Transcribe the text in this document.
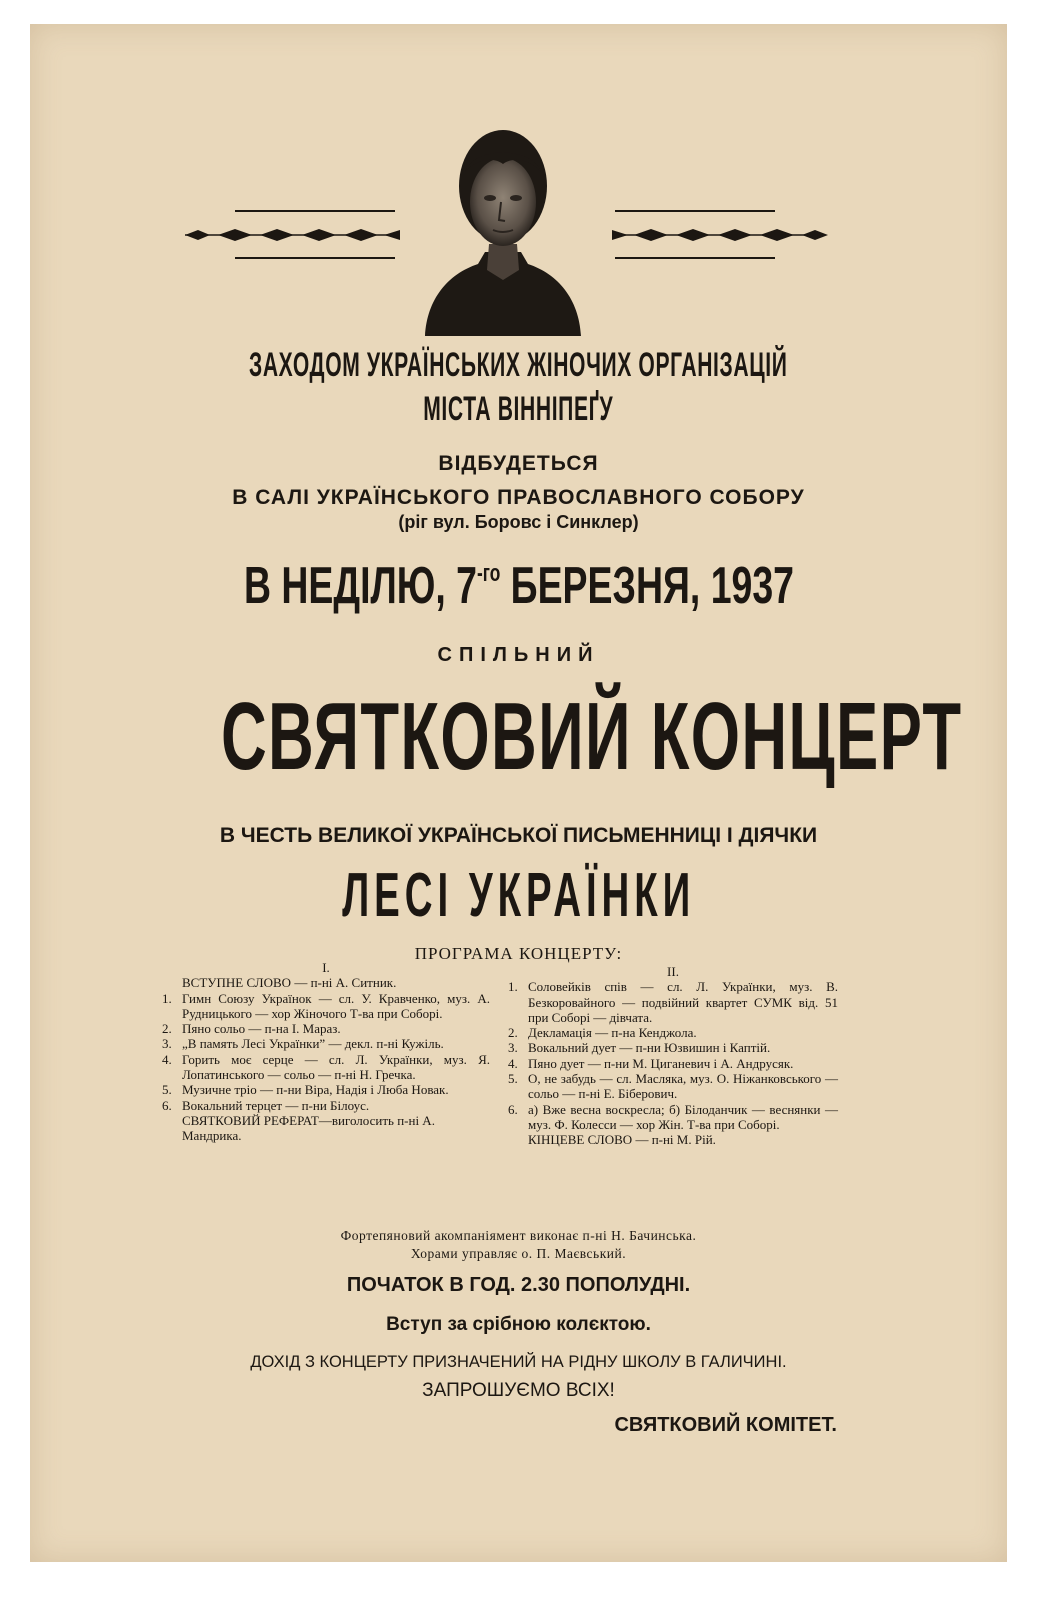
ЗАХОДОМ УКРАЇНСЬКИХ ЖІНОЧИХ ОРГАНІЗАЦІЙ
МІСТА ВІННІПЕҐУ
ВІДБУДЕТЬСЯ
В САЛІ УКРАЇНСЬКОГО ПРАВОСЛАВНОГО СОБОРУ
(ріг вул. Боровс і Синклер)
В НЕДІЛЮ, $7^{-го}$ БЕРЕЗНЯ, 1937
СПІЛЬНИЙ
СВЯТКОВИЙ КОНЦЕРТ
В ЧЕСТЬ ВЕЛИКОЇ УКРАЇНСЬКОЇ ПИСЬМЕННИЦІ І ДІЯЧКИ
ЛЕСІ УКРАЇНКИ
ПРОГРАМА КОНЦЕРТУ:
I.
ВСТУПНЕ СЛОВО — п-ні А. Ситник.
1. Гимн Союзу Українок — сл. У. Кравченко, муз. А. Рудницького — хор Жіночого Т-ва при Соборі.
2. Пяно сольо — п-на І. Мараз.
3. „В память Лесі Українки” — декл. п-ні Кужіль.
4. Горить моє серце — сл. Л. Українки, муз. Я. Лопатинського — сольо — п-ні Н. Гречка.
5. Музичне тріо — п-ни Віра, Надія і Люба Новак.
6. Вокальний терцет — п-ни Білоус.
СВЯТКОВИЙ РЕФЕРАТ—виголосить п-ні А. Мандрика.
II.
1. Соловейків спів — сл. Л. Українки, муз. В. Безкоровайного — подвійний квартет СУМК від. 51 при Соборі — дівчата.
2. Декламація — п-на Кенджола.
3. Вокальний дует — п-ни Юзвишин і Каптій.
4. Пяно дует — п-ни М. Циганевич і А. Андрусяк.
5. О, не забудь — сл. Масляка, муз. О. Ніжанковського — сольо — п-ні Е. Біберович.
6. а) Вже весна воскресла; б) Білоданчик — веснянки — муз. Ф. Колесси — хор Жін. Т-ва при Соборі.
КІНЦЕВЕ СЛОВО — п-ні М. Рій.
Фортепяновий акомпаніямент виконає п-ні Н. Бачинська.
Хорами управляє о. П. Маєвський.
ПОЧАТОК В ГОД. 2.30 ПОПОЛУДНІ.
Вступ за срібною колєктою.
ДОХІД З КОНЦЕРТУ ПРИЗНАЧЕНИЙ НА РІДНУ ШКОЛУ В ГАЛИЧИНІ.
ЗАПРОШУЄМО ВСІХ!
СВЯТКОВИЙ КОМІТЕТ.
